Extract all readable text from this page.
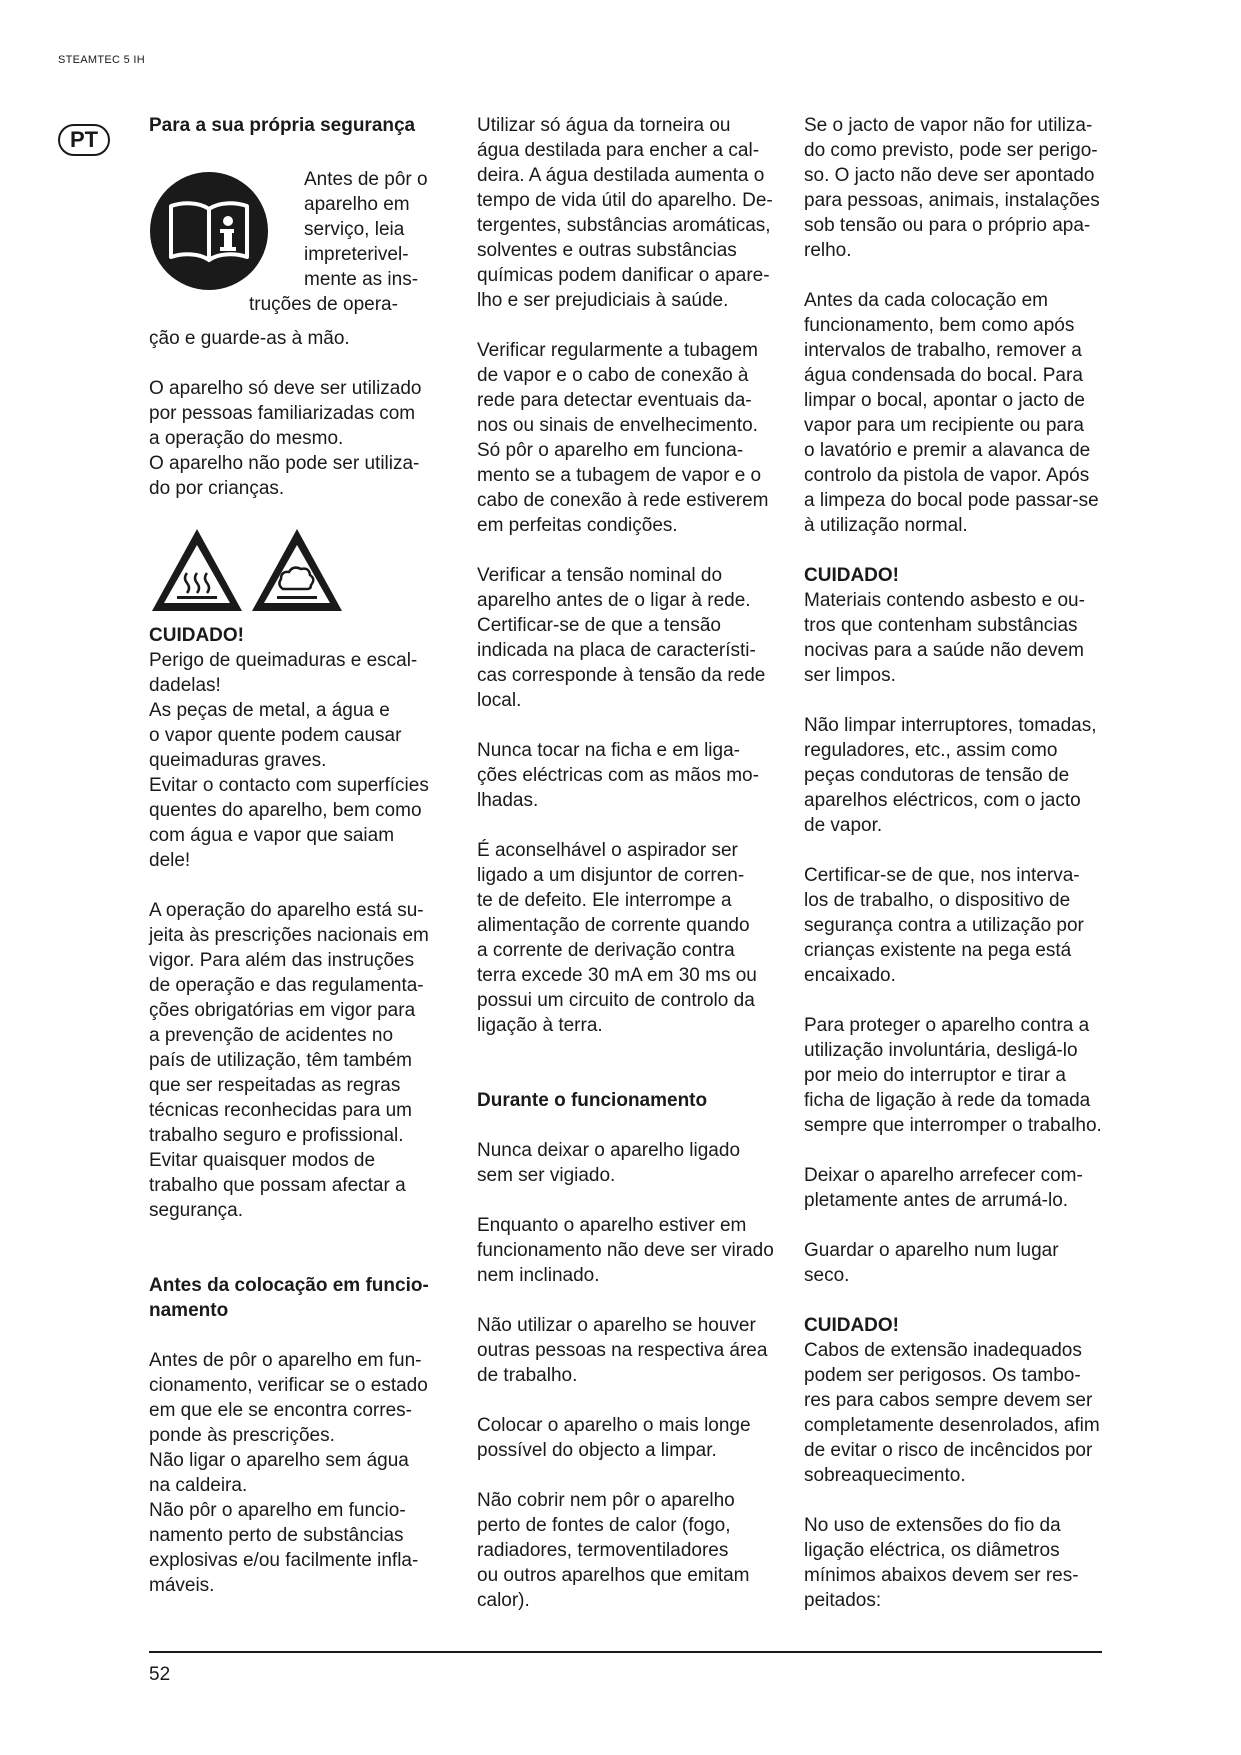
STEAMTEC 5 IH
PT

Para a sua própria segurança

Antes de pôr o

aparelho em

serviço, leia

impreterivel-

mente as ins-

truções de opera-

ção e guarde-as à mão.

O aparelho só deve ser utilizado

por pessoas familiarizadas com

a operação do mesmo.

O aparelho não pode ser utiliza-

do por crianças.

CUIDADO!

Perigo de queimaduras e escal-

dadelas!

As peças de metal, a água e

o vapor quente podem causar

queimaduras graves.

Evitar o contacto com superfícies

quentes do aparelho, bem como

com água e vapor que saiam

dele!

A operação do aparelho está su-

jeita às prescrições nacionais em

vigor. Para além das instruções

de operação e das regulamenta-

ções obrigatórias em vigor para

a prevenção de acidentes no

país de utilização, têm também

que ser respeitadas as regras

técnicas reconhecidas para um

trabalho seguro e profissional.

Evitar quaisquer modos de

trabalho que possam afectar a

segurança.

Antes da colocação em funcio-

namento

Antes de pôr o aparelho em fun-

cionamento, verificar se o estado

em que ele se encontra corres-

ponde às prescrições.

Não ligar o aparelho sem água

na caldeira.

Não pôr o aparelho em funcio-

namento perto de substâncias

explosivas e/ou facilmente infla-

máveis.

Utilizar só água da torneira ou

água destilada para encher a cal-

deira. A água destilada aumenta o

tempo de vida útil do aparelho. De-

tergentes, substâncias aromáticas,

solventes e outras substâncias

químicas podem danificar o apare-

lho e ser prejudiciais à saúde.

Verificar regularmente a tubagem

de vapor e o cabo de conexão à

rede para detectar eventuais da-

nos ou sinais de envelhecimento.

Só pôr o aparelho em funciona-

mento se a tubagem de vapor e o

cabo de conexão à rede estiverem

em perfeitas condições.

Verificar a tensão nominal do

aparelho antes de o ligar à rede.

Certificar-se de que a tensão

indicada na placa de característi-

cas corresponde à tensão da rede

local.

Nunca tocar na ficha e em liga-

ções eléctricas com as mãos mo-

lhadas.

É aconselhável o aspirador ser

ligado a um disjuntor de corren-

te de defeito. Ele interrompe a

alimentação de corrente quando

a corrente de derivação contra

terra excede 30 mA em 30 ms ou

possui um circuito de controlo da

ligação à terra.

Durante o funcionamento

Nunca deixar o aparelho ligado

sem ser vigiado.

Enquanto o aparelho estiver em

funcionamento não deve ser virado

nem inclinado.

Não utilizar o aparelho se houver

outras pessoas na respectiva área

de trabalho.

Colocar o aparelho o mais longe

possível do objecto a limpar.

Não cobrir nem pôr o aparelho

perto de fontes de calor (fogo,

radiadores, termoventiladores

ou outros aparelhos que emitam

calor).

Se o jacto de vapor não for utiliza-

do como previsto, pode ser perigo-

so. O jacto não deve ser apontado

para pessoas, animais, instalações

sob tensão ou para o próprio apa-

relho.

Antes da cada colocação em

funcionamento, bem como após

intervalos de trabalho, remover a

água condensada do bocal. Para

limpar o bocal, apontar o jacto de

vapor para um recipiente ou para

o lavatório e premir a alavanca de

controlo da pistola de vapor. Após

a limpeza do bocal pode passar-se

à utilização normal.

CUIDADO!

Materiais contendo asbesto e ou-

tros que contenham substâncias

nocivas para a saúde não devem

ser limpos.

Não limpar interruptores, tomadas,

reguladores, etc., assim como

peças condutoras de tensão de

aparelhos eléctricos, com o jacto

de vapor.

Certificar-se de que, nos interva-

los de trabalho, o dispositivo de

segurança contra a utilização por

crianças existente na pega está

encaixado.

Para proteger o aparelho contra a

utilização involuntária, desligá-lo

por meio do interruptor e tirar a

ficha de ligação à rede da tomada

sempre que interromper o trabalho.

Deixar o aparelho arrefecer com-

pletamente antes de arrumá-lo.

Guardar o aparelho num lugar

seco.

CUIDADO!

Cabos de extensão inadequados

podem ser perigosos. Os tambo-

res para cabos sempre devem ser

completamente desenrolados, afim

de evitar o risco de incêncidos por

sobreaquecimento.

No uso de extensões do fio da

ligação eléctrica, os diâmetros

mínimos abaixos devem ser res-

peitados:

52
